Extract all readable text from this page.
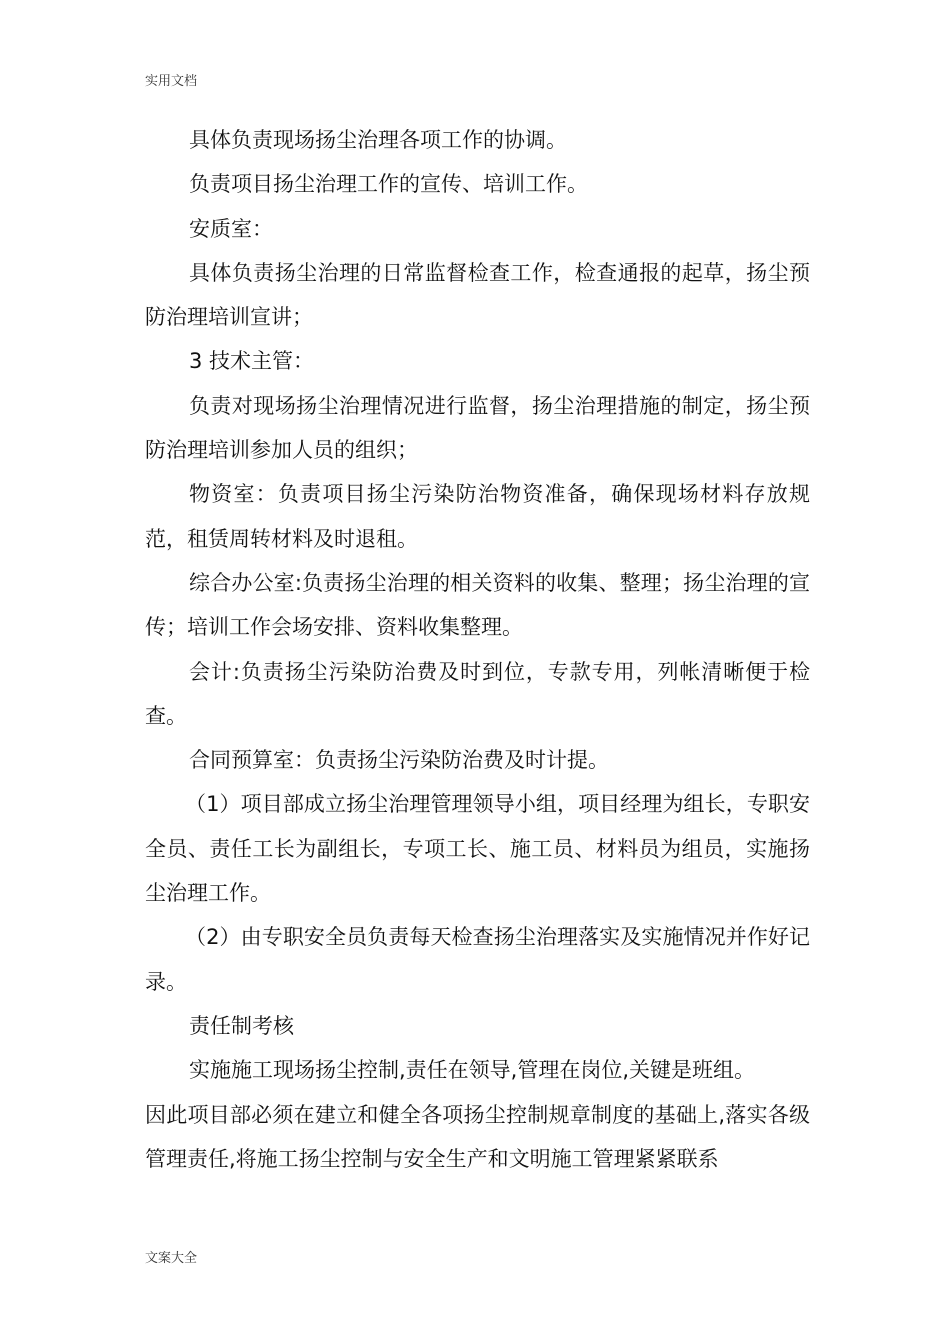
实用文档

具体负责现场扬尘治理各项工作的协调。

负责项目扬尘治理工作的宣传、培训工作。

安质室：

具体负责扬尘治理的日常监督检查工作，检查通报的起草，扬尘预防治理培训宣讲；

3 技术主管：

负责对现场扬尘治理情况进行监督，扬尘治理措施的制定，扬尘预防治理培训参加人员的组织；

物资室：负责项目扬尘污染防治物资准备，确保现场材料存放规范，租赁周转材料及时退租。

综合办公室:负责扬尘治理的相关资料的收集、整理；扬尘治理的宣传；培训工作会场安排、资料收集整理。

会计:负责扬尘污染防治费及时到位，专款专用，列帐清晰便于检查。

合同预算室：负责扬尘污染防治费及时计提。

（1）项目部成立扬尘治理管理领导小组，项目经理为组长，专职安全员、责任工长为副组长，专项工长、施工员、材料员为组员，实施扬尘治理工作。

（2）由专职安全员负责每天检查扬尘治理落实及实施情况并作好记录。

责任制考核

实施施工现场扬尘控制,责任在领导,管理在岗位,关键是班组。

因此项目部必须在建立和健全各项扬尘控制规章制度的基础上,落实各级管理责任,将施工扬尘控制与安全生产和文明施工管理紧紧联系

文案大全
